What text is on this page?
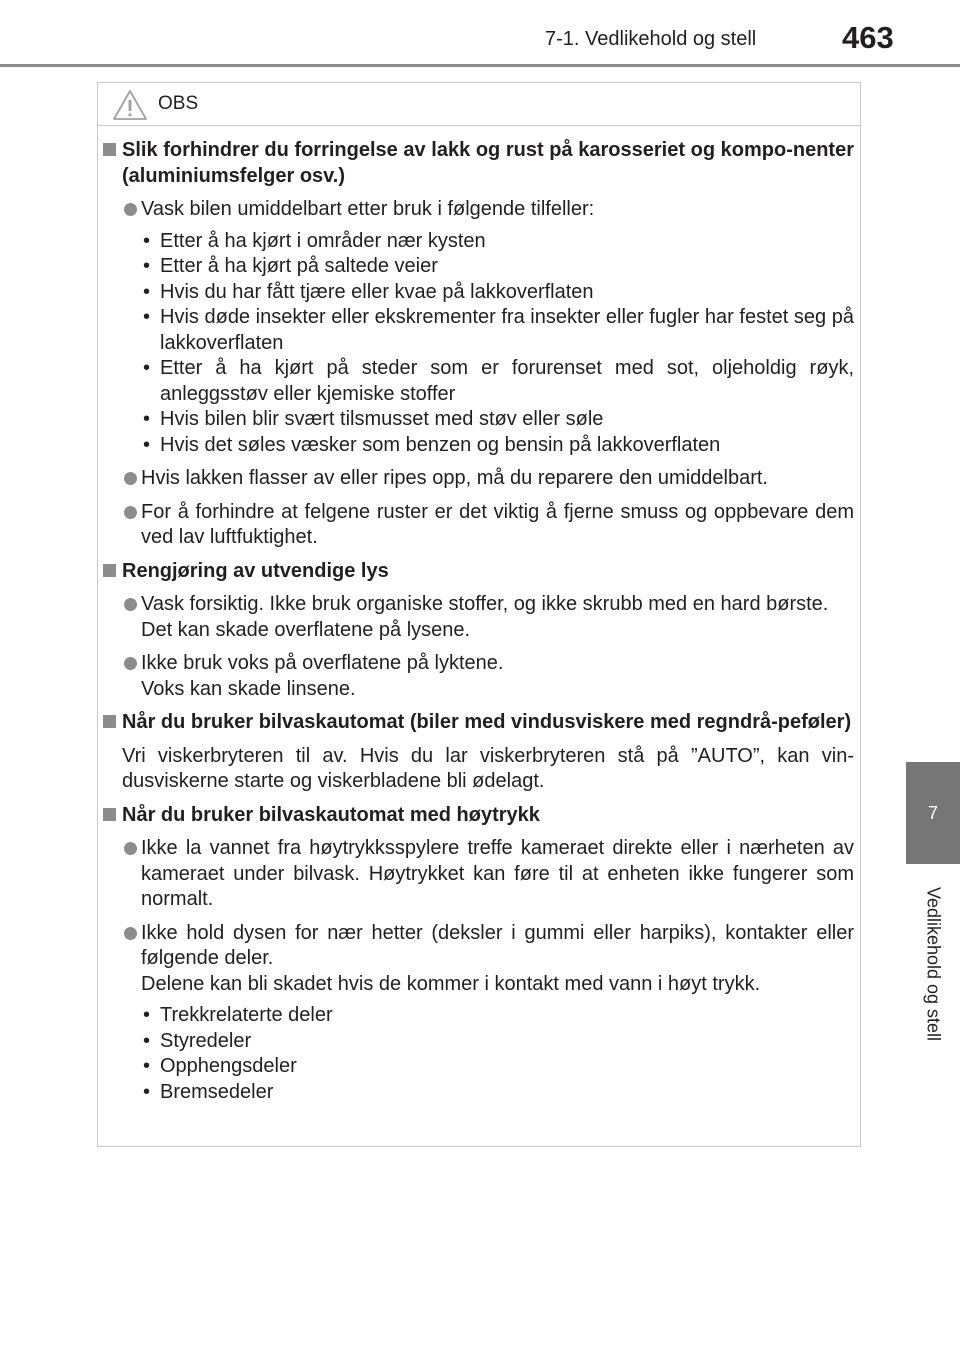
7-1. Vedlikehold og stell	463
7
Vedlikehold og stell
OBS
Slik forhindrer du forringelse av lakk og rust på karosseriet og kompo-nenter (aluminiumsfelger osv.)

Vask bilen umiddelbart etter bruk i følgende tilfeller:

• Etter å ha kjørt i områder nær kysten
• Etter å ha kjørt på saltede veier
• Hvis du har fått tjære eller kvae på lakkoverflaten
• Hvis døde insekter eller ekskrementer fra insekter eller fugler har festet seg på lakkoverflaten
• Etter å ha kjørt på steder som er forurenset med sot, oljeholdig røyk, anleggsstøv eller kjemiske stoffer
• Hvis bilen blir svært tilsmusset med støv eller søle
• Hvis det søles væsker som benzen og bensin på lakkoverflaten

Hvis lakken flasser av eller ripes opp, må du reparere den umiddelbart.

For å forhindre at felgene ruster er det viktig å fjerne smuss og oppbevare dem ved lav luftfuktighet.

Rengjøring av utvendige lys

Vask forsiktig. Ikke bruk organiske stoffer, og ikke skrubb med en hard børste.

Det kan skade overflatene på lysene.

Ikke bruk voks på overflatene på lyktene.

Voks kan skade linsene.

Når du bruker bilvaskautomat (biler med vindusviskere med regndrå-peføler)
Vri viskerbryteren til av. Hvis du lar viskerbryteren stå på ”AUTO”, kan vin-dusviskerne starte og viskerbladene bli ødelagt.
Når du bruker bilvaskautomat med høytrykk

Ikke la vannet fra høytrykksspylere treffe kameraet direkte eller i nærheten av kameraet under bilvask. Høytrykket kan føre til at enheten ikke fungerer som normalt.

Ikke hold dysen for nær hetter (deksler i gummi eller harpiks), kontakter eller følgende deler.

Delene kan bli skadet hvis de kommer i kontakt med vann i høyt trykk.

• Trekkrelaterte deler
• Styredeler
• Opphengsdeler
• Bremsedeler
